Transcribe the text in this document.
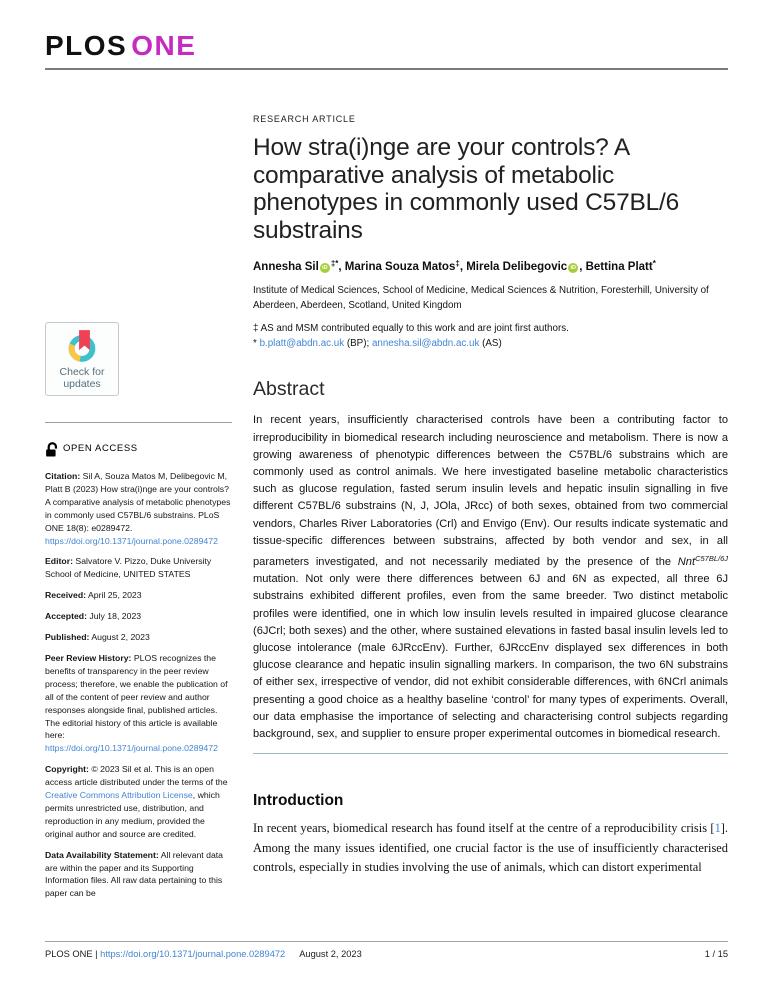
PLOS ONE
Check for
updates
OPEN ACCESS

Citation: Sil A, Souza Matos M, Delibegovic M, Platt B (2023) How stra(i)nge are your controls? A comparative analysis of metabolic phenotypes in commonly used C57BL/6 substrains. PLoS ONE 18(8): e0289472. https://doi.org/10.1371/journal.pone.0289472

Editor: Salvatore V. Pizzo, Duke University School of Medicine, UNITED STATES

Received: April 25, 2023

Accepted: July 18, 2023

Published: August 2, 2023

Peer Review History: PLOS recognizes the benefits of transparency in the peer review process; therefore, we enable the publication of all of the content of peer review and author responses alongside final, published articles. The editorial history of this article is available here: https://doi.org/10.1371/journal.pone.0289472

Copyright: © 2023 Sil et al. This is an open access article distributed under the terms of the Creative Commons Attribution License, which permits unrestricted use, distribution, and reproduction in any medium, provided the original author and source are credited.

Data Availability Statement: All relevant data are within the paper and its Supporting Information files. All raw data pertaining to this paper can be

RESEARCH ARTICLE
How stra(i)nge are your controls? A comparative analysis of metabolic phenotypes in commonly used C57BL/6 substrains
Annesha Sil iD ‡*, Marina Souza Matos‡, Mirela Delibegovic iD , Bettina Platt*
Institute of Medical Sciences, School of Medicine, Medical Sciences & Nutrition, Foresterhill, University of Aberdeen, Aberdeen, Scotland, United Kingdom
‡ AS and MSM contributed equally to this work and are joint first authors.
* b.platt@abdn.ac.uk (BP); annesha.sil@abdn.ac.uk (AS)
Abstract

In recent years, insufficiently characterised controls have been a contributing factor to irreproducibility in biomedical research including neuroscience and metabolism. There is now a growing awareness of phenotypic differences between the C57BL/6 substrains which are commonly used as control animals. We here investigated baseline metabolic characteristics such as glucose regulation, fasted serum insulin levels and hepatic insulin signalling in five different C57BL/6 substrains (N, J, JOla, JRcc) of both sexes, obtained from two commercial vendors, Charles River Laboratories (Crl) and Envigo (Env). Our results indicate systematic and tissue-specific differences between substrains, affected by both vendor and sex, in all parameters investigated, and not necessarily mediated by the presence of the Nnt$^{C57BL/6J}$ mutation. Not only were there differences between 6J and 6N as expected, all three 6J substrains exhibited different profiles, even from the same breeder. Two distinct metabolic profiles were identified, one in which low insulin levels resulted in impaired glucose clearance (6JCrl; both sexes) and the other, where sustained elevations in fasted basal insulin levels led to glucose intolerance (male 6JRccEnv). Further, 6JRccEnv displayed sex differences in both glucose clearance and hepatic insulin signalling markers. In comparison, the two 6N substrains of either sex, irrespective of vendor, did not exhibit considerable differences, with 6NCrl animals presenting a good choice as a healthy baseline ‘control’ for many types of experiments. Overall, our data emphasise the importance of selecting and characterising control subjects regarding background, sex, and supplier to ensure proper experimental outcomes in biomedical research.

Introduction

In recent years, biomedical research has found itself at the centre of a reproducibility crisis [1]. Among the many issues identified, one crucial factor is the use of insufficiently characterised controls, especially in studies involving the use of animals, which can distort experimental

PLOS ONE
|
https://doi.org/10.1371/journal.pone.0289472 August 2, 2023	1 / 15
